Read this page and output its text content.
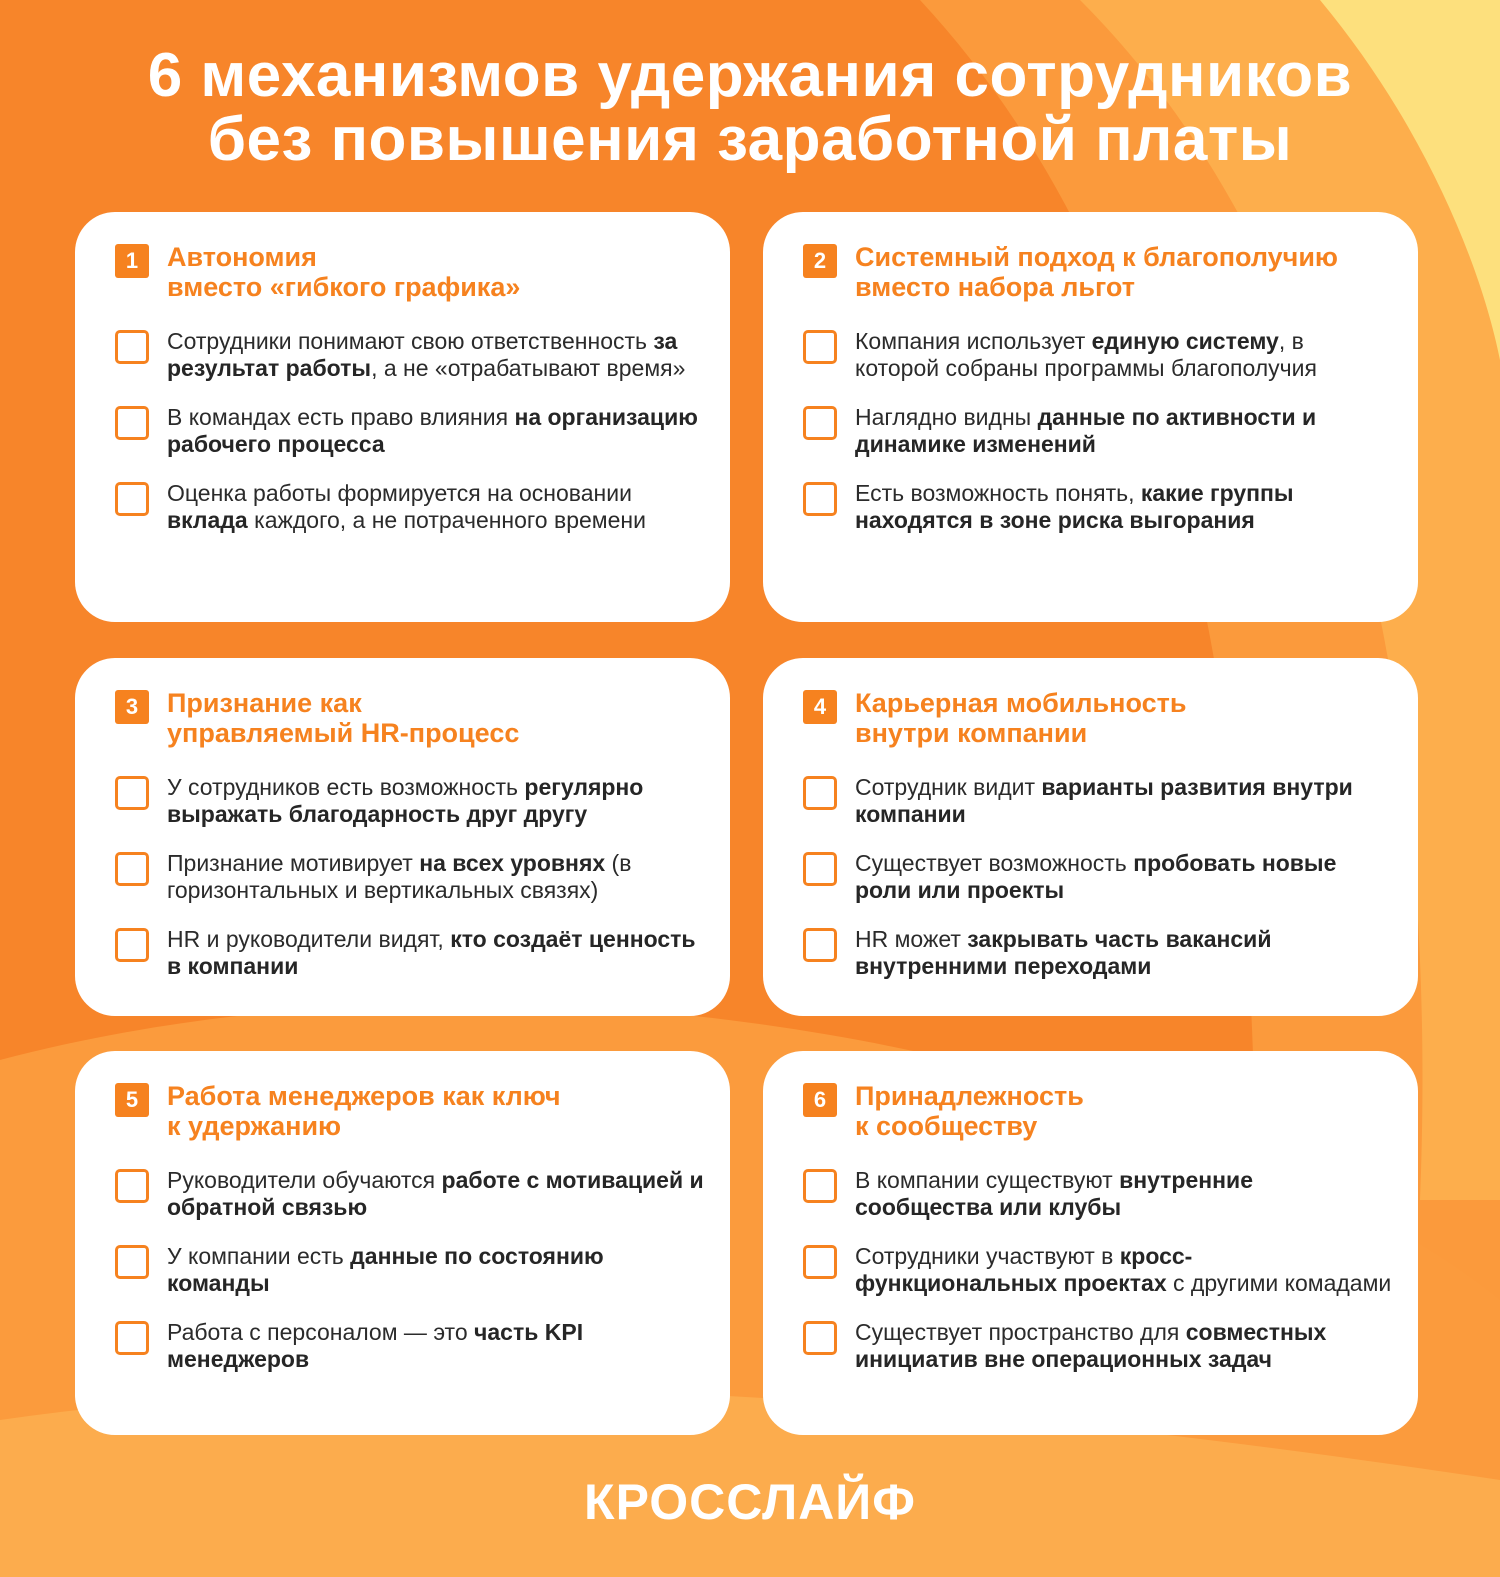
6 механизмов удержания сотрудников
без повышения заработной платы
1	Автономия
вместо «гибкого графика»
Сотрудники понимают свою ответственность за результат работы, а не «отрабатывают время»
В командах есть право влияния на организацию рабочего процесса
Оценка работы формируется на основании вклада каждого, а не потраченного времени
2	Системный подход к благополучию
вместо набора льгот
Компания использует единую систему, в которой собраны программы благополучия
Наглядно видны данные по активности и динамике изменений
Есть возможность понять, какие группы находятся в зоне риска выгорания
3	Признание как
управляемый HR-процесс
У сотрудников есть возможность регулярно выражать благодарность друг другу
Признание мотивирует на всех уровнях (в горизонтальных и вертикальных связях)
HR и руководители видят, кто создаёт ценность в компании
4	Карьерная мобильность
внутри компании
Сотрудник видит варианты развития внутри компании
Существует возможность пробовать новые роли или проекты
HR может закрывать часть вакансий внутренними переходами
5	Работа менеджеров как ключ
к удержанию
Руководители обучаются работе с мотивацией и обратной связью
У компании есть данные по состоянию команды
Работа с персоналом — это часть KPI менеджеров
6	Принадлежность
к сообществу
В компании существуют внутренние сообщества или клубы
Сотрудники участвуют в кросс-функциональных проектах с другими комадами
Существует пространство для совместных инициатив вне операционных задач
КРОССЛАЙФ
